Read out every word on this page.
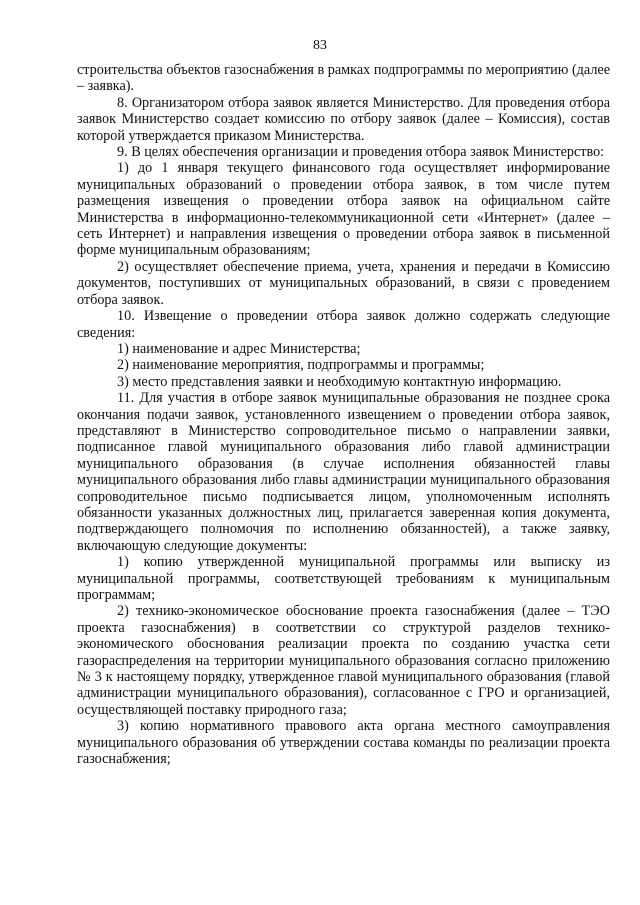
83

строительства объектов газоснабжения в рамках подпрограммы по мероприятию (далее – заявка).

8. Организатором отбора заявок является Министерство. Для проведения отбора заявок Министерство создает комиссию по отбору заявок (далее – Комиссия), состав которой утверждается приказом Министерства.

9. В целях обеспечения организации и проведения отбора заявок Министерство:

1) до 1 января текущего финансового года осуществляет информирование муниципальных образований о проведении отбора заявок, в том числе путем размещения извещения о проведении отбора заявок на официальном сайте Министерства в информационно-телекоммуникационной сети «Интернет» (далее – сеть Интернет) и направления извещения о проведении отбора заявок в письменной форме муниципальным образованиям;

2) осуществляет обеспечение приема, учета, хранения и передачи в Комиссию документов, поступивших от муниципальных образований, в связи с проведением отбора заявок.

10. Извещение о проведении отбора заявок должно содержать следующие сведения:

1) наименование и адрес Министерства;

2) наименование мероприятия, подпрограммы и программы;

3) место представления заявки и необходимую контактную информацию.

11. Для участия в отборе заявок муниципальные образования не позднее срока окончания подачи заявок, установленного извещением о проведении отбора заявок, представляют в Министерство сопроводительное письмо о направлении заявки, подписанное главой муниципального образования либо главой администрации муниципального образования (в случае исполнения обязанностей главы муниципального образования либо главы администрации муниципального образования сопроводительное письмо подписывается лицом, уполномоченным исполнять обязанности указанных должностных лиц, прилагается заверенная копия документа, подтверждающего полномочия по исполнению обязанностей), а также заявку, включающую следующие документы:

1) копию утвержденной муниципальной программы или выписку из муниципальной программы, соответствующей требованиям к муниципальным программам;

2) технико-экономическое обоснование проекта газоснабжения (далее – ТЭО проекта газоснабжения) в соответствии со структурой разделов технико-экономического обоснования реализации проекта по созданию участка сети газораспределения на территории муниципального образования согласно приложению № 3 к настоящему порядку, утвержденное главой муниципального образования (главой администрации муниципального образования), согласованное с ГРО и организацией, осуществляющей поставку природного газа;

3) копию нормативного правового акта органа местного самоуправления муниципального образования об утверждении состава команды по реализации проекта газоснабжения;
